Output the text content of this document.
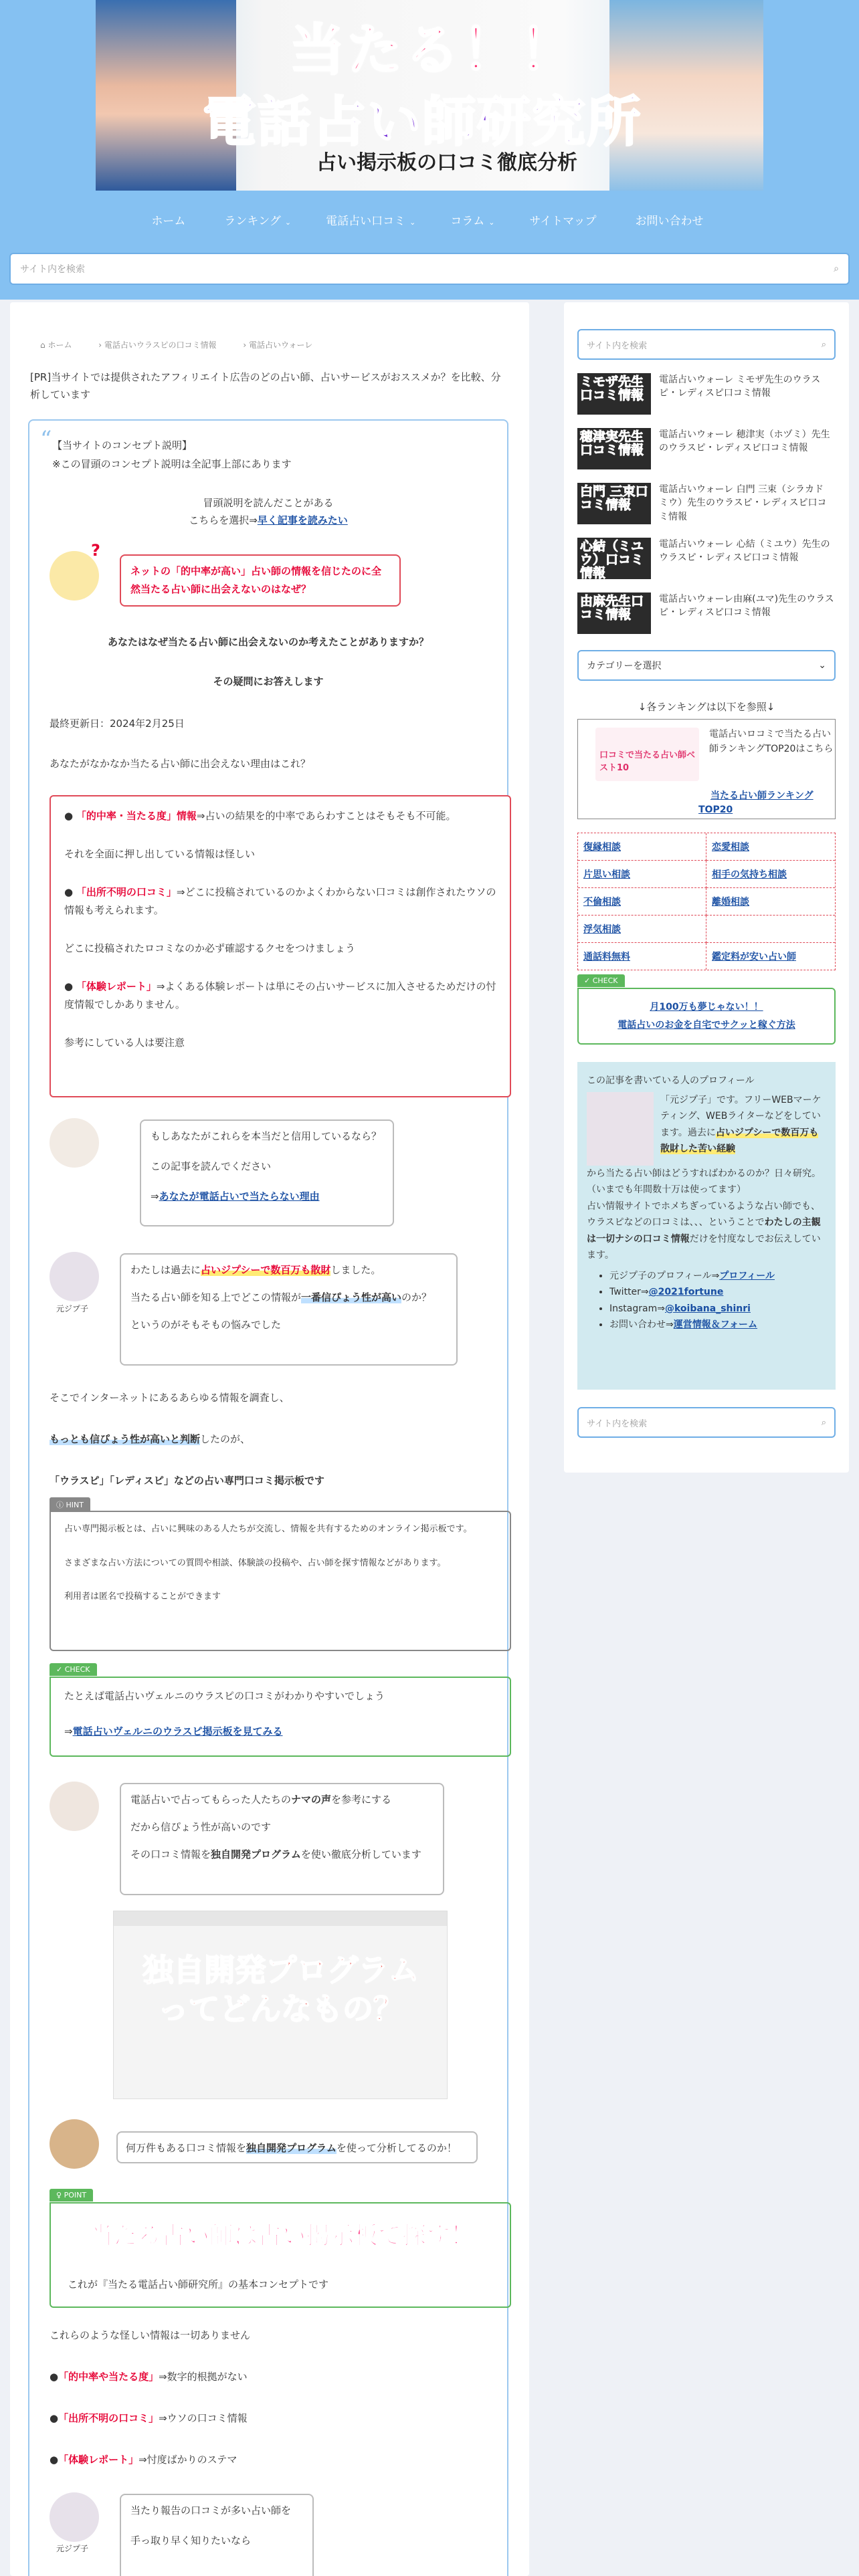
当たる！！
電話占い師研究所
占い掲示板の口コミ徹底分析
ホーム	ランキング ⌄	電話占い口コミ ⌄	コラム ⌄	サイトマップ	お問い合わせ
サイト内を検索	⌕
⌂ ホーム	› 電話占いウラスピの口コミ情報	› 電話占いウォーレ
[PR]当サイトでは提供されたアフィリエイト広告のどの占い師、占いサービスがおススメか？を比較、分析しています
“ 【当サイトのコンセプト説明】
※この冒頭のコンセプト説明は全記事上部にあります
冒頭説明を読んだことがある
こちらを選択⇒早く記事を読みたい
?
ネットの「的中率が高い」占い師の情報を信じたのに全然当たる占い師に出会えないのはなぜ？
あなたはなぜ当たる占い師に出会えないのか考えたことがありますか？
その疑問にお答えします
最終更新日：2024年2月25日
あなたがなかなか当たる占い師に出会えない理由はこれ？
● 「的中率・当たる度」情報⇒占いの結果を的中率であらわすことはそもそも不可能。
それを全面に押し出している情報は怪しい
● 「出所不明の口コミ」⇒どこに投稿されているのかよくわからない口コミは創作されたウソの情報も考えられます。
どこに投稿されたロコミなのか必ず確認するクセをつけましょう
● 「体験レポート」⇒よくある体験レポートは単にその占いサービスに加入させるためだけの忖度情報でしかありません。
参考にしている人は要注意
もしあなたがこれらを本当だと信用しているなら？
この記事を読んでください
⇒あなたが電話占いで当たらない理由
元ジプ子
わたしは過去に占いジプシーで数百万も散財しました。
当たる占い師を知る上でどこの情報が一番信ぴょう性が高いのか？
というのがそもそもの悩みでした
そこでインターネットにあるあらゆる情報を調査し、
もっとも信ぴょう性が高いと判断したのが、
「ウラスピ」「レディスピ」などの占い専門口コミ掲示板です
ⓘ HINT
占い専門掲示板とは、占いに興味のある人たちが交流し、情報を共有するためのオンライン掲示板です。
さまざまな占い方法についての質問や相談、体験談の投稿や、占い師を探す情報などがあります。
利用者は匿名で投稿することができます
✓ CHECK
たとえば電話占いヴェルニのウラスピの口コミがわかりやすいでしょう
⇒電話占いヴェルニのウラスピ掲示板を見てみる
電話占いで占ってもらった人たちのナマの声を参考にする
だから信ぴょう性が高いのです
その口コミ情報を独自開発プログラムを使い徹底分析しています
独自開発プログラムってどんなもの？
何万件もある口コミ情報を独自開発プログラムを使って分析してるのか！
♀ POINT
当たる占い師は占い掲示板で探す！
これが『当たる電話占い師研究所』の基本コンセプトです
これらのような怪しい情報は一切ありません
●「的中率や当たる度」⇒数字的根拠がない
●「出所不明の口コミ」⇒ウソの口コミ情報
●「体験レポート」⇒忖度ばかりのステマ
元ジプ子
当たり報告の口コミが多い占い師を
手っ取り早く知りたいなら
サイト内を検索	⌕
ミモザ先生口コミ情報
電話占いウォーレ ミモザ先生のウラスピ・レディスピ口コミ情報
穂津実先生口コミ情報
電話占いウォーレ 穂津実（ホヅミ）先生のウラスピ・レディスピ口コミ情報
白門 三束口コミ情報
電話占いウォーレ 白門 三束（シラカド ミウ）先生のウラスピ・レディスピ口コミ情報
心結（ミユウ）口コミ情報
電話占いウォーレ 心結（ミユウ）先生のウラスピ・レディスピ口コミ情報
由麻先生口コミ情報
電話占いウォーレ由麻(ユマ)先生のウラスピ・レディスピ口コミ情報
カテゴリーを選択	⌄
↓各ランキングは以下を参照↓
口コミで当たる占い師ベスト10
電話占いロコミで当たる占い師ランキングTOP20はこちら
当たる占い師ランキングTOP20
復縁相談	恋愛相談
片思い相談	相手の気持ち相談
不倫相談	離婚相談
浮気相談
通話料無料	鑑定料が安い占い師
✓ CHECK
月100万も夢じゃない！！
電話占いのお金を自宅でサクッと稼ぐ方法
この記事を書いている人のプロフィール
「元ジプ子」です。フリーWEBマーケティング、WEBライターなどをしています。過去に占いジプシーで数百万も散財した苦い経験
から当たる占い師はどうすればわかるのか？日々研究。
（いまでも年間数十万は使ってます）
占い情報サイトでホメちぎっているような占い師でも、ウラスピなどの口コミは、、、ということでわたしの主観は一切ナシの口コミ情報だけを忖度なしでお伝えしています。
• 元ジプ子のプロフィール⇒プロフィール
• Twitter⇒@2021fortune
• Instagram⇒@koibana_shinri
• お問い合わせ⇒運営情報＆フォーム
サイト内を検索	⌕
